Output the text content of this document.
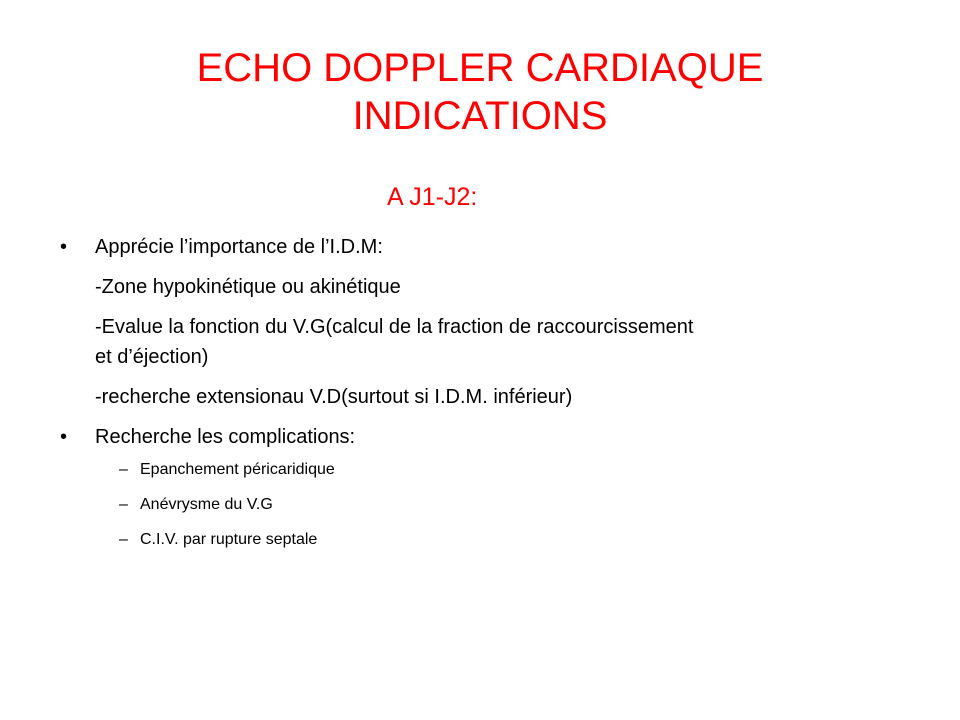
ECHO DOPPLER CARDIAQUE
INDICATIONS
A J1-J2:
• Apprécie l’importance de l’I.D.M:
-Zone hypokinétique ou akinétique
-Evalue la fonction du V.G(calcul de la fraction de raccourcissement
et d’éjection)
-recherche extensionau V.D(surtout si I.D.M. inférieur)
• Recherche les complications:
– Epanchement péricaridique
– Anévrysme du V.G
– C.I.V. par rupture septale
